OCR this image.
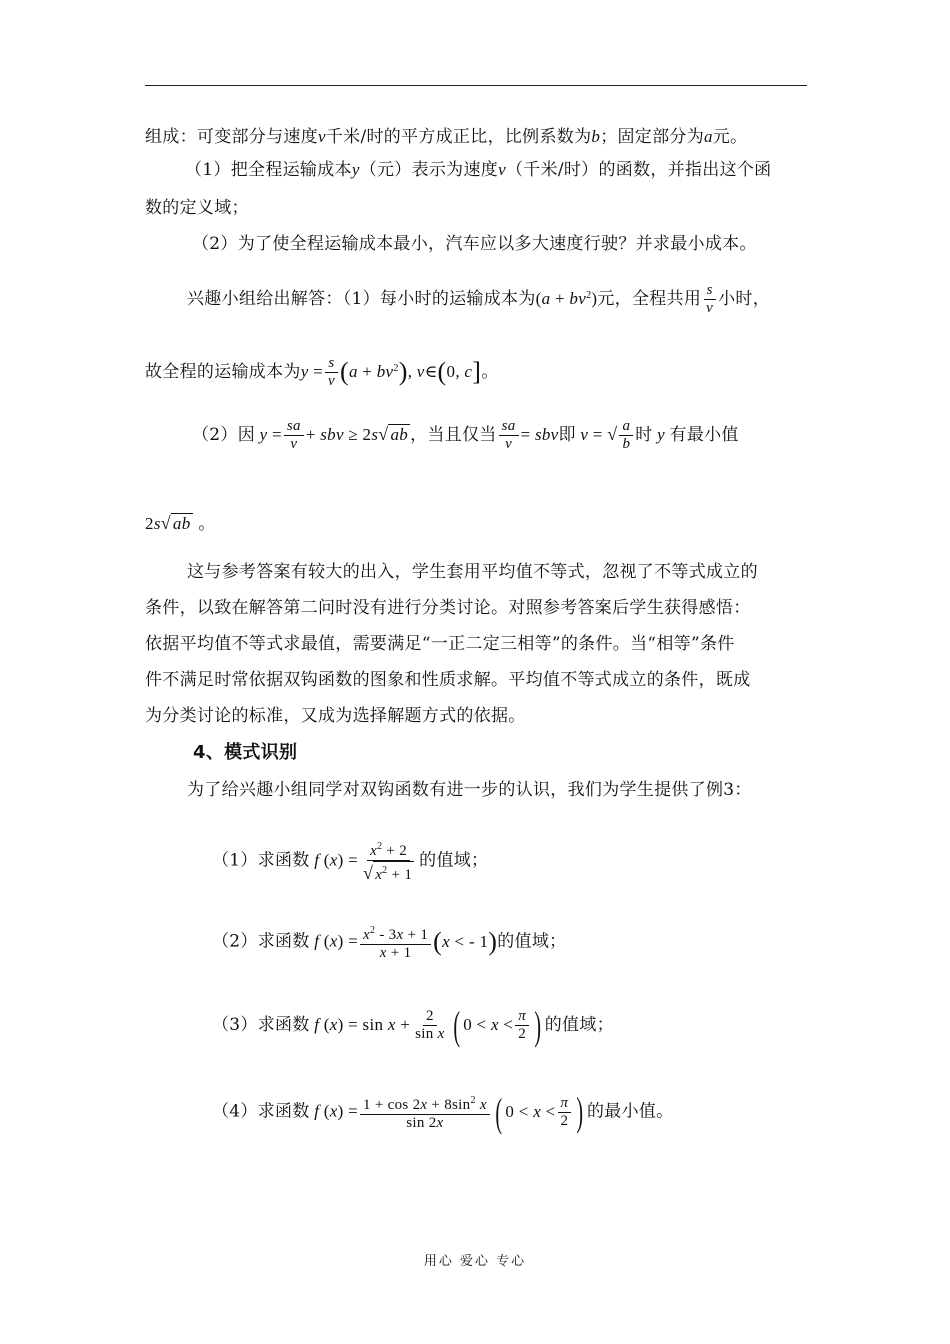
组成：可变部分与速度v千米/时的平方成正比，比例系数为b；固定部分为a元。
（1）把全程运输成本y（元）表示为速度v（千米/时）的函数，并指出这个函
数的定义域；
（2）为了使全程运输成本最小，汽车应以多大速度行驶？并求最小成本。
兴趣小组给出解答：（1）每小时的运输成本为$(a + bv^2)$元，全程共用 $\frac{s}{v}$ 小时，
故全程的运输成本为$y = \frac{s}{v} (a + bv^2)$, v∈(0, c]。
（2）因 $y = \frac{sa}{v}$ + sbv ≥ 2s√ ab ，当且仅当 $\frac{sa}{v}$ = sbv即 v = √ $\frac{a}{b}$ 时 y 有最小值
2s√ ab 。
这与参考答案有较大的出入，学生套用平均值不等式，忽视了不等式成立的
条件，以致在解答第二问时没有进行分类讨论。对照参考答案后学生获得感悟：
依据平均值不等式求最值，需要满足“一正二定三相等”的条件。当“相等”条件
件不满足时常依据双钩函数的图象和性质求解。平均值不等式成立的条件，既成
为分类讨论的标准，又成为选择解题方式的依据。
4、模式识别
为了给兴趣小组同学对双钩函数有进一步的认识，我们为学生提供了例3：
（1）求函数 f $(x) = \frac{x^2 + 2}{√ x^2 + 1}$ 的值域；
（2）求函数 f $(x) = \frac{x^2 - 3x + 1}{x + 1} (x$ < - 1)的值域；
（3）求函数 f $(x) = \sin x + \frac{2}{\text{sin x}}$ ( $0 < x < \frac{\pi}{2}$ ) 的值域；
（4）求函数 f $(x) = \frac{1 + \cos 2x + 8\sin^2 x}{\sin 2x}$ ( $0 < x < \frac{\pi}{2}$ ) 的最小值。
用心 爱心 专心
